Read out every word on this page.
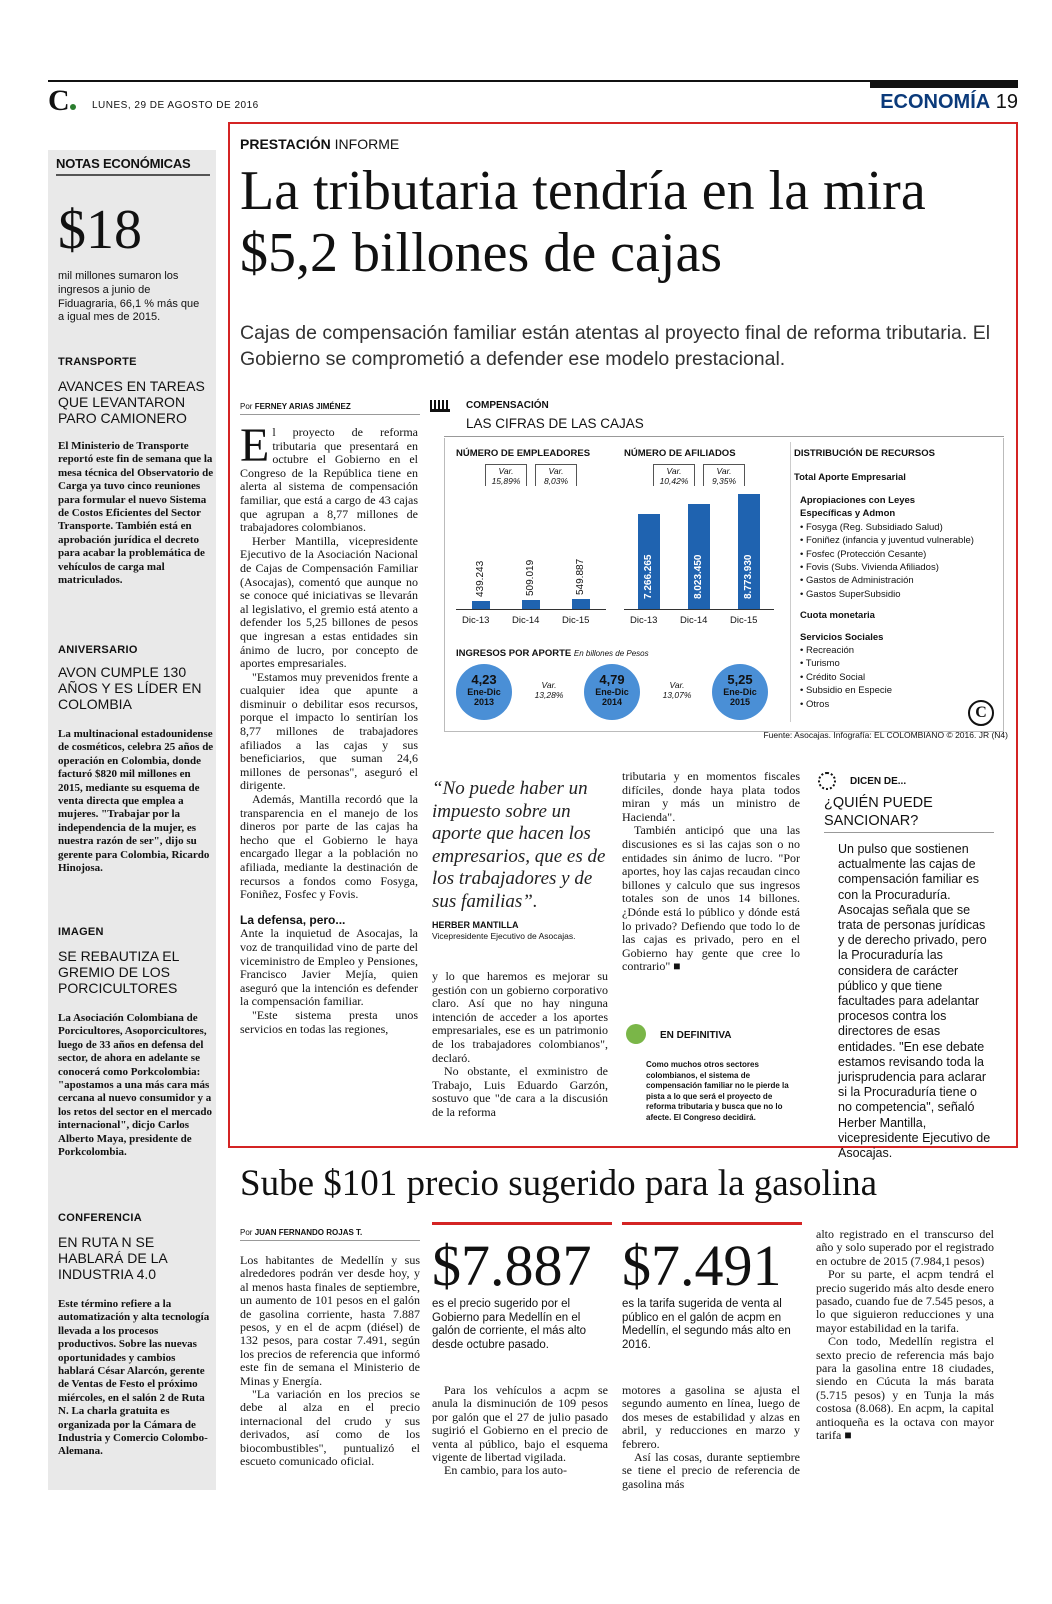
C LUNES, 29 DE AGOSTO DE 2016	ECONOMÍA 19
NOTAS ECONÓMICAS
$18
mil millones sumaron los ingresos a junio de Fiduagraria, 66,1 % más que a igual mes de 2015.
TRANSPORTE
AVANCES EN TAREAS QUE LEVANTARON PARO CAMIONERO
El Ministerio de Transporte reportó este fin de semana que la mesa técnica del Observatorio de Carga ya tuvo cinco reuniones para formular el nuevo Sistema de Costos Eficientes del Sector Transporte. También está en aprobación jurídica el decreto para acabar la problemática de vehículos de carga mal matriculados.
ANIVERSARIO
AVON CUMPLE 130 AÑOS Y ES LÍDER EN COLOMBIA
La multinacional estadounidense de cosméticos, celebra 25 años de operación en Colombia, donde facturó $820 mil millones en 2015, mediante su esquema de venta directa que emplea a mujeres. "Trabajar por la independencia de la mujer, es nuestra razón de ser", dijo su gerente para Colombia, Ricardo Hinojosa.
IMAGEN
SE REBAUTIZA EL GREMIO DE LOS PORCICULTORES
La Asociación Colombiana de Porcicultores, Asoporcicultores, luego de 33 años en defensa del sector, de ahora en adelante se conocerá como Porkcolombia: "apostamos a una más cara más cercana al nuevo consumidor y a los retos del sector en el mercado internacional", dicjo Carlos Alberto Maya, presidente de Porkcolombia.
CONFERENCIA
EN RUTA N SE HABLARÁ DE LA INDUSTRIA 4.0
Este término refiere a la automatización y alta tecnología llevada a los procesos productivos. Sobre las nuevas oportunidades y cambios hablará César Alarcón, gerente de Ventas de Festo el próximo miércoles, en el salón 2 de Ruta N. La charla gratuita es organizada por la Cámara de Industria y Comercio Colombo-Alemana.
PRESTACIÓN INFORME
La tributaria tendría en la mira $5,2 billones de cajas
Cajas de compensación familiar están atentas al proyecto final de reforma tributaria. El Gobierno se comprometió a defender ese modelo prestacional.
Por FERNEY ARIAS JIMÉNEZ
E l proyecto de reforma tributaria que presentará en octubre el Gobierno en el Congreso de la República tiene en alerta al sistema de compensación familiar, que está a cargo de 43 cajas que agrupan a 8,77 millones de trabajadores colombianos.

Herber Mantilla, vicepresidente Ejecutivo de la Asociación Nacional de Cajas de Compensación Familiar (Asocajas), comentó que aunque no se conoce qué iniciativas se llevarán al legislativo, el gremio está atento a defender los 5,25 billones de pesos que ingresan a estas entidades sin ánimo de lucro, por concepto de aportes empresariales.

"Estamos muy prevenidos frente a cualquier idea que apunte a disminuir o debilitar esos recursos, porque el impacto lo sentirían los 8,77 millones de trabajadores afiliados a las cajas y sus beneficiarios, que suman 24,6 millones de personas", aseguró el dirigente.

Además, Mantilla recordó que la transparencia en el manejo de los dineros por parte de las cajas ha hecho que el Gobierno le haya encargado llegar a la población no afiliada, mediante la destinación de recursos a fondos como Fosyga, Foniñez, Fosfec y Fovis.

La defensa, pero...

Ante la inquietud de Asocajas, la voz de tranquilidad vino de parte del viceministro de Empleo y Pensiones, Francisco Javier Mejía, quien aseguró que la intención es defender la compensación familiar.

"Este sistema presta unos servicios en todas las regiones,

COMPENSACIÓN
LAS CIFRAS DE LAS CAJAS
NÚMERO DE EMPLEADORES
439.243
Dic-13
509.019
Dic-14
549.887
Dic-15
Var.
15,89%
Var.
8,03%
NÚMERO DE AFILIADOS
7.266.265
Dic-13
8.023.450
Dic-14
8.773.930
Dic-15
Var.
10,42%
Var.
9,35%
DISTRIBUCIÓN DE RECURSOS
Total Aporte Empresarial
Apropiaciones con Leyes Específicas y Admon
• Fosyga (Reg. Subsidiado Salud)
• Foniñez (infancia y juventud vulnerable)
• Fosfec (Protección Cesante)
• Fovis (Subs. Vivienda Afiliados)
• Gastos de Administración
• Gastos SuperSubsidio
Cuota monetaria
Servicios Sociales
• Recreación
• Turismo
• Crédito Social
• Subsidio en Especie
• Otros	C
INGRESOS POR APORTE En billones de Pesos
4,23
Ene-Dic
2013
Var.
13,28%
4,79
Ene-Dic
2014
Var.
13,07%
5,25
Ene-Dic
2015
Fuente: Asocajas. Infografía: EL COLOMBIANO © 2016. JR (N4)
“No puede haber un impuesto sobre un aporte que hacen los empresarios, que es de los trabajadores y de sus familias”.
HERBER MANTILLA
Vicepresidente Ejecutivo de Asocajas.

y lo que haremos es mejorar su gestión con un gobierno corporativo claro. Así que no hay ninguna intención de acceder a los aportes empresariales, ese es un patrimonio de los trabajadores colombianos", declaró.

No obstante, el exministro de Trabajo, Luis Eduardo Garzón, sostuvo que "de cara a la discusión de la reforma

tributaria y en momentos fiscales difíciles, donde haya plata todos miran y más un ministro de Hacienda".

También anticipó que una las discusiones es si las cajas son o no entidades sin ánimo de lucro. "Por aportes, hoy las cajas recaudan cinco billones y calculo que sus ingresos totales son de unos 14 billones. ¿Dónde está lo público y dónde está lo privado? Defiendo que todo lo de las cajas es privado, pero en el Gobierno hay gente que cree lo contrario" ■

EN DEFINITIVA
Como muchos otros sectores colombianos, el sistema de compensación familiar no le pierde la pista a lo que será el proyecto de reforma tributaria y busca que no lo afecte. El Congreso decidirá.
DICEN DE...
¿QUIÉN PUEDE SANCIONAR?
Un pulso que sostienen actualmente las cajas de compensación familiar es con la Procuraduría. Asocajas señala que se trata de personas jurídicas y de derecho privado, pero la Procuraduría las considera de carácter público y que tiene facultades para adelantar procesos contra los directores de esas entidades. "En ese debate estamos revisando toda la jurisprudencia para aclarar si la Procuraduría tiene o no competencia", señaló Herber Mantilla, vicepresidente Ejecutivo de Asocajas.
Sube $101 precio sugerido para la gasolina
Por JUAN FERNANDO ROJAS T.

Los habitantes de Medellín y sus alrededores podrán ver desde hoy, y al menos hasta finales de septiembre, un aumento de 101 pesos en el galón de gasolina corriente, hasta 7.887 pesos, y en el de acpm (diésel) de 132 pesos, para costar 7.491, según los precios de referencia que informó este fin de semana el Ministerio de Minas y Energía.

"La variación en los precios se debe al alza en el precio internacional del crudo y sus derivados, así como de los biocombustibles", puntualizó el escueto comunicado oficial.

$7.887
es el precio sugerido por el Gobierno para Medellín en el galón de corriente, el más alto desde octubre pasado.
$7.491
es la tarifa sugerida de venta al público en el galón de acpm en Medellín, el segundo más alto en 2016.

Para los vehículos a acpm se anula la disminución de 109 pesos por galón que el 27 de julio pasado sugirió el Gobierno en el precio de venta al público, bajo el esquema vigente de libertad vigilada.

En cambio, para los auto-

motores a gasolina se ajusta el segundo aumento en línea, luego de dos meses de estabilidad y alzas en abril, y reducciones en marzo y febrero.

Así las cosas, durante septiembre se tiene el precio de referencia de gasolina más

alto registrado en el transcurso del año y solo superado por el registrado en octubre de 2015 (7.984,1 pesos)

Por su parte, el acpm tendrá el precio sugerido más alto desde enero pasado, cuando fue de 7.545 pesos, a lo que siguieron reducciones y una mayor estabilidad en la tarifa.

Con todo, Medellín registra el sexto precio de referencia más bajo para la gasolina entre 18 ciudades, siendo en Cúcuta la más barata (5.715 pesos) y en Tunja la más costosa (8.068). En acpm, la capital antioqueña es la octava con mayor tarifa ■
